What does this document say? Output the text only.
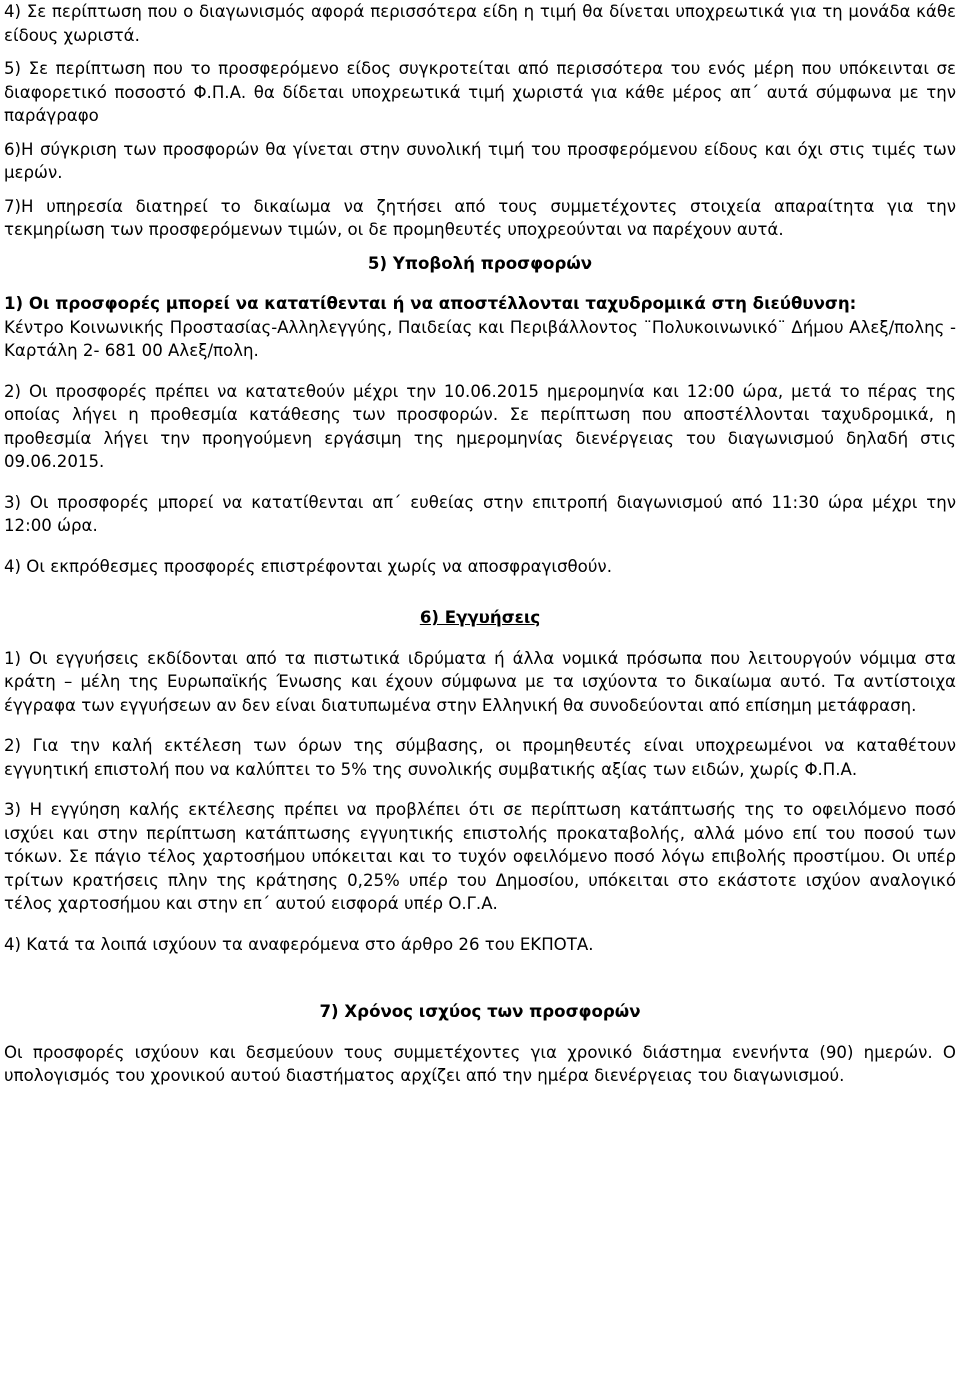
4) Σε περίπτωση που ο διαγωνισμός αφορά περισσότερα είδη η τιμή θα δίνεται υποχρεωτικά για τη μονάδα κάθε είδους χωριστά.

5) Σε περίπτωση που το προσφερόμενο είδος συγκροτείται από περισσότερα του ενός μέρη που υπόκεινται σε διαφορετικό ποσοστό Φ.Π.Α. θα δίδεται υποχρεωτικά τιμή χωριστά για κάθε μέρος απ΄ αυτά σύμφωνα με την παράγραφο

6)Η σύγκριση των προσφορών θα γίνεται στην συνολική τιμή του προσφερόμενου είδους και όχι στις τιμές των μερών.

7)Η υπηρεσία διατηρεί το δικαίωμα να ζητήσει από τους συμμετέχοντες στοιχεία απαραίτητα για την τεκμηρίωση των προσφερόμενων τιμών, οι δε προμηθευτές υποχρεούνται να παρέχουν αυτά.

5) Υποβολή προσφορών

1) Οι προσφορές μπορεί να κατατίθενται ή να αποστέλλονται ταχυδρομικά στη διεύθυνση:

Κέντρο Κοινωνικής Προστασίας-Αλληλεγγύης, Παιδείας και Περιβάλλοντος ¨Πολυκοινωνικό¨ Δήμου Αλεξ/πολης - Καρτάλη 2- 681 00 Αλεξ/πολη.

2) Οι προσφορές πρέπει να κατατεθούν μέχρι την 10.06.2015 ημερομηνία και 12:00 ώρα, μετά το πέρας της οποίας λήγει η προθεσμία κατάθεσης των προσφορών. Σε περίπτωση που αποστέλλονται ταχυδρομικά, η προθεσμία λήγει την προηγούμενη εργάσιμη της ημερομηνίας διενέργειας του διαγωνισμού δηλαδή στις 09.06.2015.

3) Οι προσφορές μπορεί να κατατίθενται απ΄ ευθείας στην επιτροπή διαγωνισμού από 11:30 ώρα μέχρι την 12:00 ώρα.

4) Οι εκπρόθεσμες προσφορές επιστρέφονται χωρίς να αποσφραγισθούν.

6) Εγγυήσεις

1) Οι εγγυήσεις εκδίδονται από τα πιστωτικά ιδρύματα ή άλλα νομικά πρόσωπα που λειτουργούν νόμιμα στα κράτη – μέλη της Ευρωπαϊκής Ένωσης και έχουν σύμφωνα με τα ισχύοντα το δικαίωμα αυτό. Τα αντίστοιχα έγγραφα των εγγυήσεων αν δεν είναι διατυπωμένα στην Ελληνική θα συνοδεύονται από επίσημη μετάφραση.

2) Για την καλή εκτέλεση των όρων της σύμβασης, οι προμηθευτές είναι υποχρεωμένοι να καταθέτουν εγγυητική επιστολή που να καλύπτει το 5% της συνολικής συμβατικής αξίας των ειδών, χωρίς Φ.Π.Α.

3) Η εγγύηση καλής εκτέλεσης πρέπει να προβλέπει ότι σε περίπτωση κατάπτωσής της το οφειλόμενο ποσό ισχύει και στην περίπτωση κατάπτωσης εγγυητικής επιστολής προκαταβολής, αλλά μόνο επί του ποσού των τόκων. Σε πάγιο τέλος χαρτοσήμου υπόκειται και το τυχόν οφειλόμενο ποσό λόγω επιβολής προστίμου. Οι υπέρ τρίτων κρατήσεις πλην της κράτησης 0,25% υπέρ του Δημοσίου, υπόκειται στο εκάστοτε ισχύον αναλογικό τέλος χαρτοσήμου και στην επ΄ αυτού εισφορά υπέρ Ο.Γ.Α.

4) Κατά τα λοιπά ισχύουν τα αναφερόμενα στο άρθρο 26 του ΕΚΠΟΤΑ.

7) Χρόνος ισχύος των προσφορών

Οι προσφορές ισχύουν και δεσμεύουν τους συμμετέχοντες για χρονικό διάστημα ενενήντα (90) ημερών. Ο υπολογισμός του χρονικού αυτού διαστήματος αρχίζει από την ημέρα διενέργειας του διαγωνισμού.
